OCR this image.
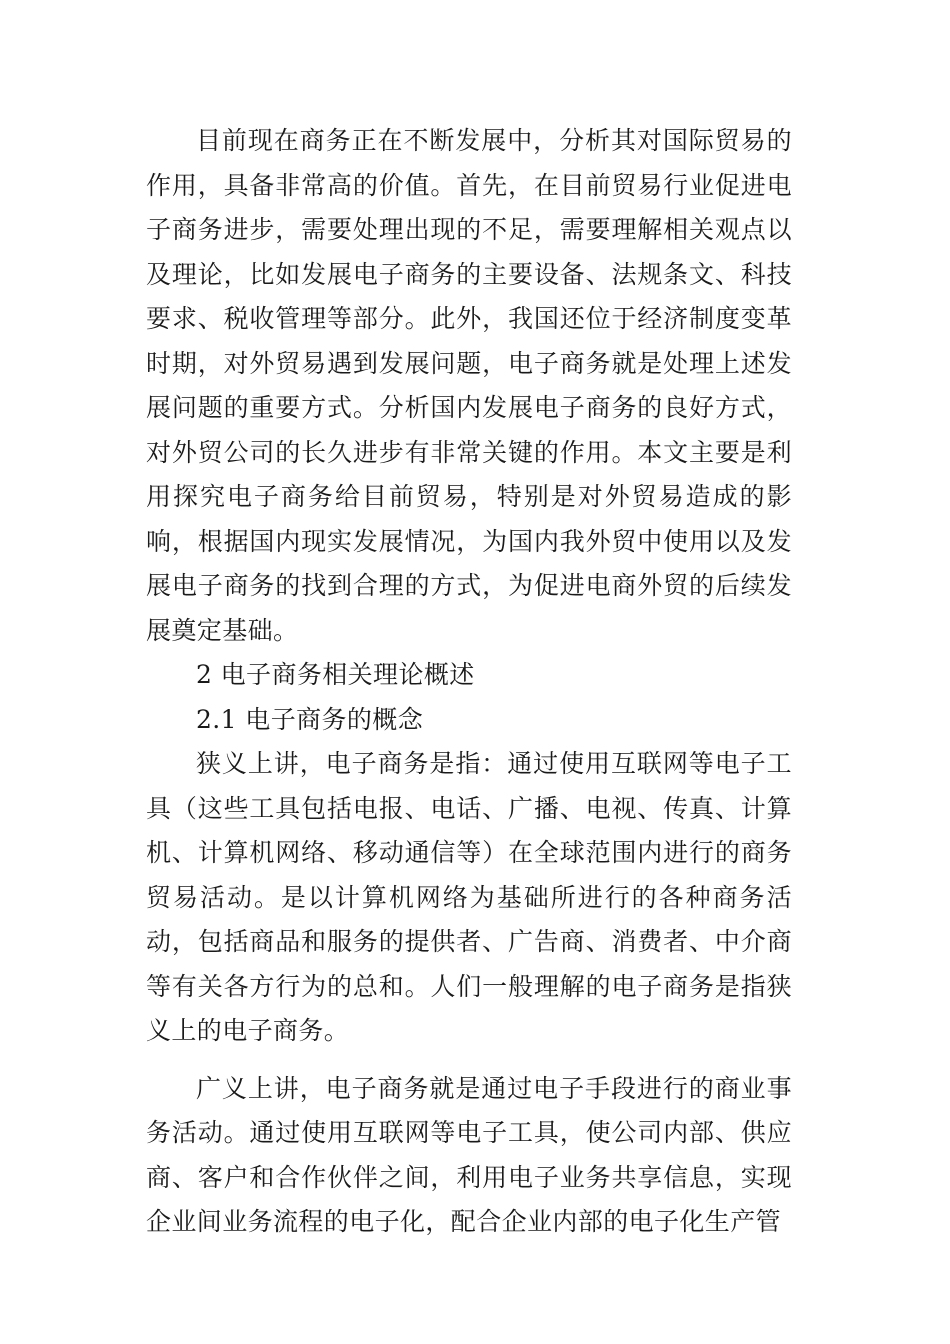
目前现在商务正在不断发展中，分析其对国际贸易的作用，具备非常高的价值。首先，在目前贸易行业促进电子商务进步，需要处理出现的不足，需要理解相关观点以及理论，比如发展电子商务的主要设备、法规条文、科技要求、税收管理等部分。此外，我国还位于经济制度变革时期，对外贸易遇到发展问题，电子商务就是处理上述发展问题的重要方式。分析国内发展电子商务的良好方式，对外贸公司的长久进步有非常关键的作用。本文主要是利用探究电子商务给目前贸易，特别是对外贸易造成的影响，根据国内现实发展情况，为国内我外贸中使用以及发展电子商务的找到合理的方式，为促进电商外贸的后续发展奠定基础。

2 电子商务相关理论概述

2.1 电子商务的概念

狭义上讲，电子商务是指：通过使用互联网等电子工具（这些工具包括电报、电话、广播、电视、传真、计算机、计算机网络、移动通信等）在全球范围内进行的商务贸易活动。是以计算机网络为基础所进行的各种商务活动，包括商品和服务的提供者、广告商、消费者、中介商等有关各方行为的总和。人们一般理解的电子商务是指狭义上的电子商务。

广义上讲，电子商务就是通过电子手段进行的商业事务活动。通过使用互联网等电子工具，使公司内部、供应商、客户和合作伙伴之间，利用电子业务共享信息，实现企业间业务流程的电子化，配合企业内部的电子化生产管
